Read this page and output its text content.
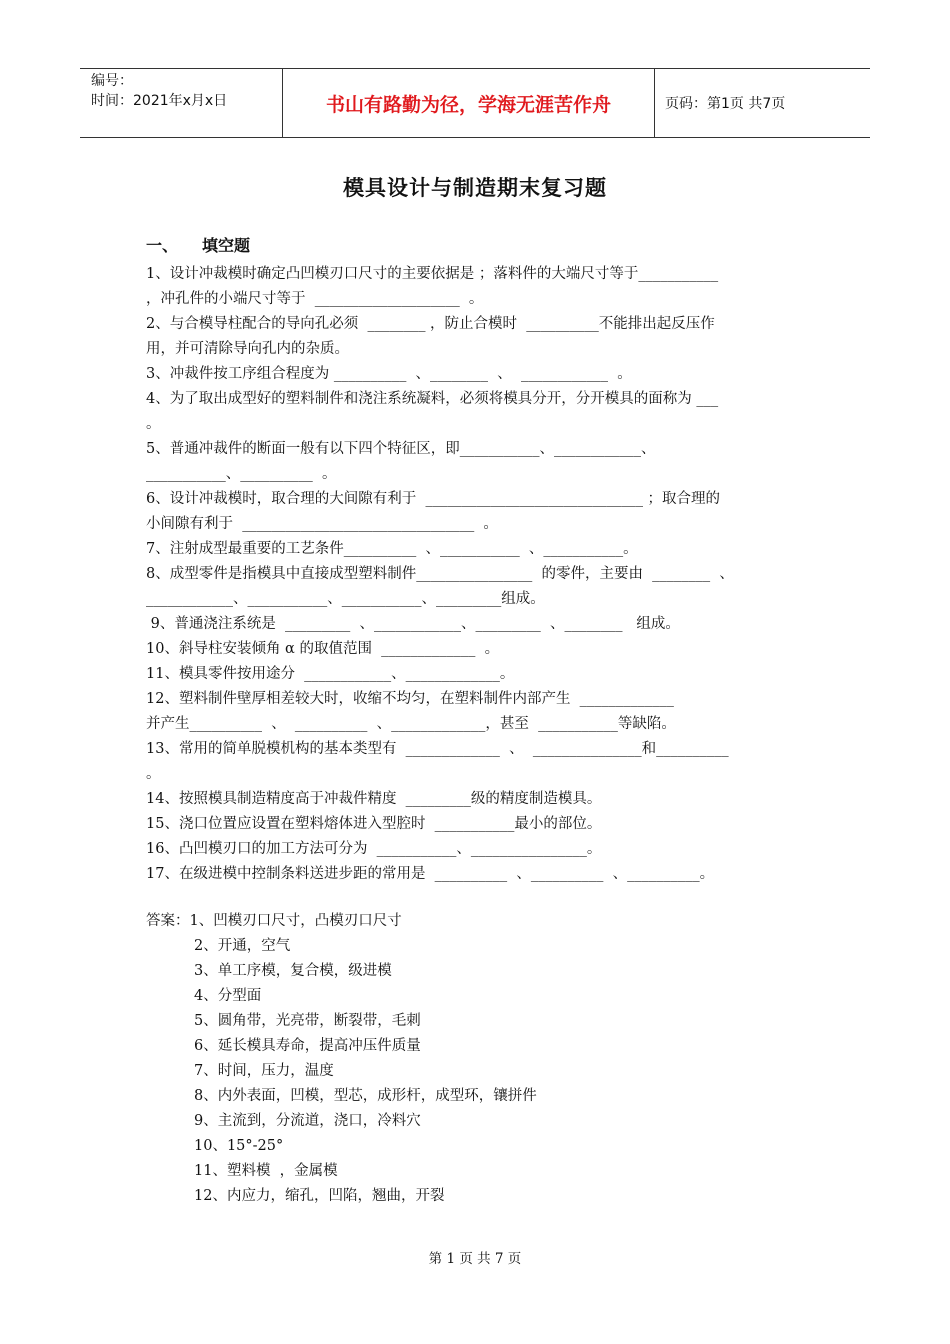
编号：
时间：2021年x月x日	书山有路勤为径，学海无涯苦作舟	页码：第1页 共7页
模具设计与制造期末复习题
一、 填空题
1、设计冲裁模时确定凸凹模刃口尺寸的主要依据是 ；落料件的大端尺寸等于___________
，冲孔件的小端尺寸等于  ____________________  。
2、与合模导柱配合的导向孔必须  ________ ，防止合模时  __________不能排出起反压作
用，并可清除导向孔内的杂质。
3、冲裁件按工序组合程度为 __________  、________  、  ____________  。
4、为了取出成型好的塑料制件和浇注系统凝料，必须将模具分开，分开模具的面称为 ___
。
5、普通冲裁件的断面一般有以下四个特征区，即___________、____________、
___________、__________  。
6、设计冲裁模时，取合理的大间隙有利于  ______________________________ ；取合理的
小间隙有利于  ________________________________  。
7、注射成型最重要的工艺条件__________  、___________  、___________。
8、成型零件是指模具中直接成型塑料制件________________  的零件，主要由  ________  、
____________、___________、___________、_________组成。
9、普通浇注系统是  _________  、____________、_________  、________   组成。
10、斜导柱安装倾角 α 的取值范围  _____________  。
11、模具零件按用途分  ____________、_____________。
12、塑料制件壁厚相差较大时，收缩不均匀，在塑料制件内部产生  _____________
并产生__________  、  __________  、_____________，甚至  ___________等缺陷。
13、常用的简单脱模机构的基本类型有  _____________  、  _______________和__________
。
14、按照模具制造精度高于冲裁件精度  _________级的精度制造模具。
15、浇口位置应设置在塑料熔体进入型腔时  ___________最小的部位。
16、凸凹模刃口的加工方法可分为  ___________、________________。
17、在级进模中控制条料送进步距的常用是  __________  、__________  、__________。
答案：1、凹模刃口尺寸，凸模刃口尺寸
2、开通，空气
3、单工序模，复合模，级进模
4、分型面
5、圆角带，光亮带，断裂带，毛刺
6、延长模具寿命，提高冲压件质量
7、时间，压力，温度
8、内外表面，凹模，型芯，成形杆，成型环，镶拼件
9、主流到，分流道，浇口，冷料穴
10、15°-25°
11、塑料模  ，金属模
12、内应力，缩孔，凹陷，翘曲，开裂
第 1 页 共 7 页
